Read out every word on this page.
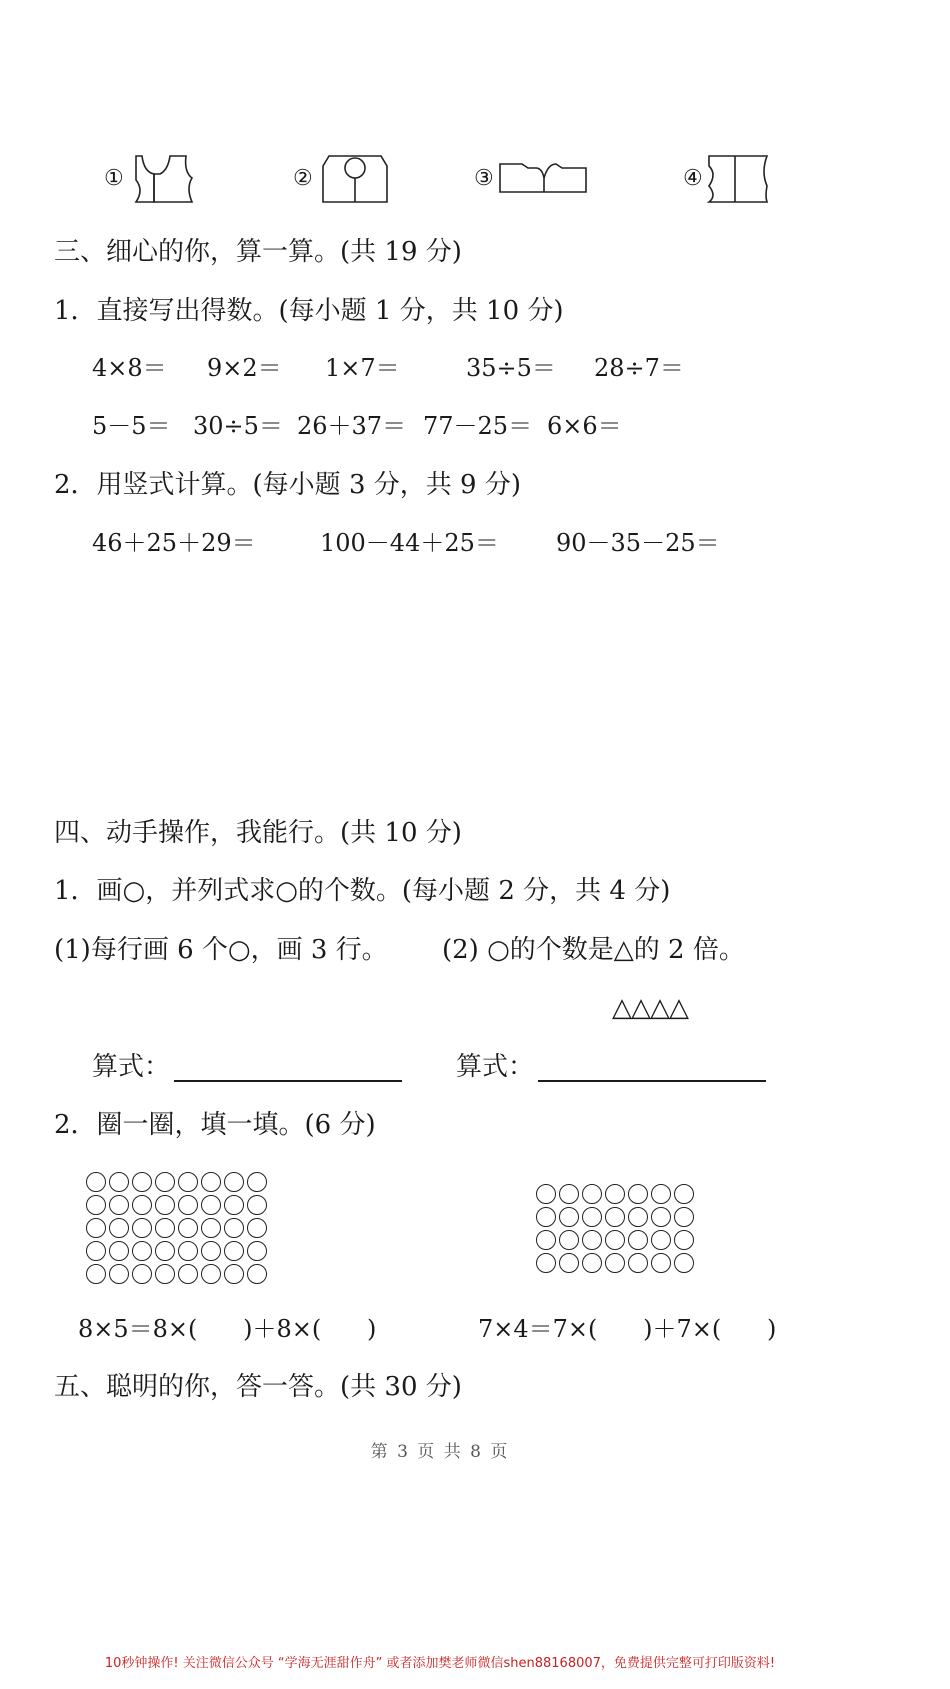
①	②	③	④
三、细心的你，算一算。(共 19 分)
1．直接写出得数。(每小题 1 分，共 10 分)
4×8＝ 9×2＝ 1×7＝	35÷5＝ 28÷7＝
5－5＝ 30÷5＝ 26＋37＝ 77－25＝ 6×6＝
2．用竖式计算。(每小题 3 分，共 9 分)
46＋25＋29＝	100－44＋25＝ 90－35－25＝
四、动手操作，我能行。(共 10 分)
1．画○，并列式求○的个数。(每小题 2 分，共 4 分)
(1)每行画 6 个○，画 3 行。 (2) ○的个数是△的 2 倍。
△△△△
算式：	算式：
2．圈一圈，填一填。(6 分)
8×5＝8×(      )＋8×(      )	7×4＝7×(      )＋7×(      )
五、聪明的你，答一答。(共 30 分)
第 3 页 共 8 页
10秒钟操作! 关注微信公众号 “学海无涯甜作舟” 或者添加樊老师微信shen88168007，免费提供完整可打印版资料!
